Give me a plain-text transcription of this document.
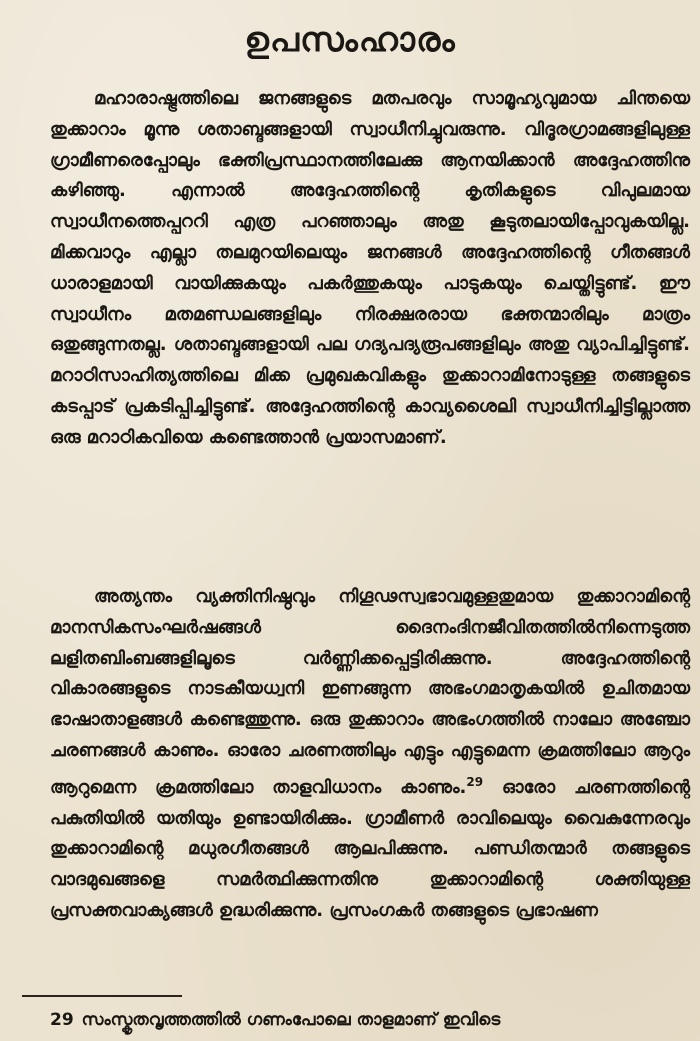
ഉപസംഹാരം

മഹാരാഷ്ട്രത്തിലെ ജനങ്ങളുടെ മതപരവും സാമൂഹ്യവുമായ ചിന്തയെ തുക്കാറാം മൂന്നു ശതാബ്ദങ്ങളായി സ്വാധീനിച്ചുവരുന്നു. വിദൂരഗ്രാമങ്ങളിലുള്ള ഗ്രാമീണരെപ്പോലും ഭക്തിപ്രസ്ഥാനത്തിലേക്കു ആനയിക്കാൻ അദ്ദേഹത്തിനു കഴിഞ്ഞു. എന്നാൽ അദ്ദേഹത്തിന്റെ കൃതികളുടെ വിപുലമായ സ്വാധീനത്തെപ്പററി എത്ര പറഞ്ഞാലും അതു കൂടുതലായിപ്പോവുകയില്ല. മിക്കവാറും എല്ലാ തലമുറയിലെയും ജനങ്ങൾ അദ്ദേഹത്തിന്റെ ഗീതങ്ങൾ ധാരാളമായി വായിക്കുകയും പകർത്തുകയും പാടുകയും ചെയ്തിട്ടുണ്ട്. ഈ സ്വാധീനം മതമണ്ഡലങ്ങളിലും നിരക്ഷരരായ ഭക്തന്മാരിലും മാത്രം ഒതുങ്ങുന്നതല്ല. ശതാബ്ദങ്ങളായി പല ഗദ്യപദ്യരൂപങ്ങളിലും അതു വ്യാപിച്ചിട്ടുണ്ട്. മറാഠിസാഹിത്യത്തിലെ മിക്ക പ്രമുഖകവികളും തുക്കാറാമിനോടുള്ള തങ്ങളുടെ കടപ്പാട് പ്രകടിപ്പിച്ചിട്ടുണ്ട്. അദ്ദേഹത്തിന്റെ കാവ്യശൈലി സ്വാധീനിച്ചിട്ടില്ലാത്ത ഒരു മറാഠികവിയെ കണ്ടെത്താൻ പ്രയാസമാണ്.

അത്യന്തം വ്യക്തിനിഷ്ഠവും നിഗൂഢസ്വഭാവമുള്ളതുമായ തുക്കാറാമിന്റെ മാനസികസംഘർഷങ്ങൾ ദൈനംദിനജീവിതത്തിൽനിന്നെടുത്ത ലളിതബിംബങ്ങളിലൂടെ വർണ്ണിക്കപ്പെട്ടിരിക്കുന്നു. അദ്ദേഹത്തിന്റെ വികാരങ്ങളുടെ നാടകീയധ്വനി ഇണങ്ങുന്ന അഭംഗമാതൃകയിൽ ഉചിതമായ ഭാഷാതാളങ്ങൾ കണ്ടെത്തുന്നു. ഒരു തുക്കാറാം അഭംഗത്തിൽ നാലോ അഞ്ചോ ചരണങ്ങൾ കാണും. ഓരോ ചരണത്തിലും എട്ടും എട്ടുമെന്ന ക്രമത്തിലോ ആറും ആറുമെന്ന ക്രമത്തിലോ താളവിധാനം കാണും.$^{29}$ ഓരോ ചരണത്തിന്റെ പകുതിയിൽ യതിയും ഉണ്ടായിരിക്കും. ഗ്രാമീണർ രാവിലെയും വൈകുന്നേരവും തുക്കാറാമിന്റെ മധുരഗീതങ്ങൾ ആലപിക്കുന്നു. പണ്ഡിതന്മാർ തങ്ങളുടെ വാദമുഖങ്ങളെ സമർത്ഥിക്കുന്നതിനു തുക്കാറാമിന്റെ ശക്തിയുള്ള പ്രസക്തവാക്യങ്ങൾ ഉദ്ധരിക്കുന്നു. പ്രസംഗകർ തങ്ങളുടെ പ്രഭാഷണ

29 സംസ്കൃതവൃത്തത്തിൽ ഗണംപോലെ താളമാണ് ഇവിടെ
